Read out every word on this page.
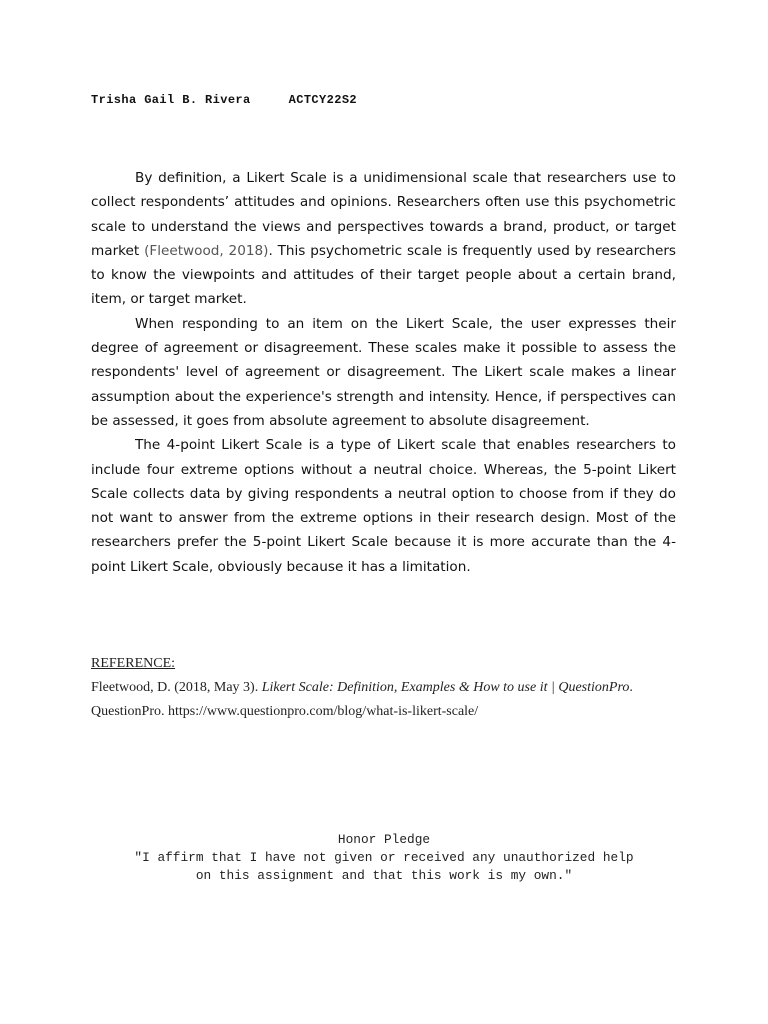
Trisha Gail B. Rivera	ACTCY22S2

By definition, a Likert Scale is a unidimensional scale that researchers use to collect respondents’ attitudes and opinions. Researchers often use this psychometric scale to understand the views and perspectives towards a brand, product, or target market (Fleetwood, 2018). This psychometric scale is frequently used by researchers to know the viewpoints and attitudes of their target people about a certain brand, item, or target market.

When responding to an item on the Likert Scale, the user expresses their degree of agreement or disagreement. These scales make it possible to assess the respondents' level of agreement or disagreement. The Likert scale makes a linear assumption about the experience's strength and intensity. Hence, if perspectives can be assessed, it goes from absolute agreement to absolute disagreement.

The 4-point Likert Scale is a type of Likert scale that enables researchers to include four extreme options without a neutral choice. Whereas, the 5-point Likert Scale collects data by giving respondents a neutral option to choose from if they do not want to answer from the extreme options in their research design. Most of the researchers prefer the 5-point Likert Scale because it is more accurate than the 4-point Likert Scale, obviously because it has a limitation.

REFERENCE:
Fleetwood, D. (2018, May 3). Likert Scale: Definition, Examples & How to use it | QuestionPro.
QuestionPro. https://www.questionpro.com/blog/what-is-likert-scale/
Honor Pledge
"I affirm that I have not given or received any unauthorized help
on this assignment and that this work is my own."
